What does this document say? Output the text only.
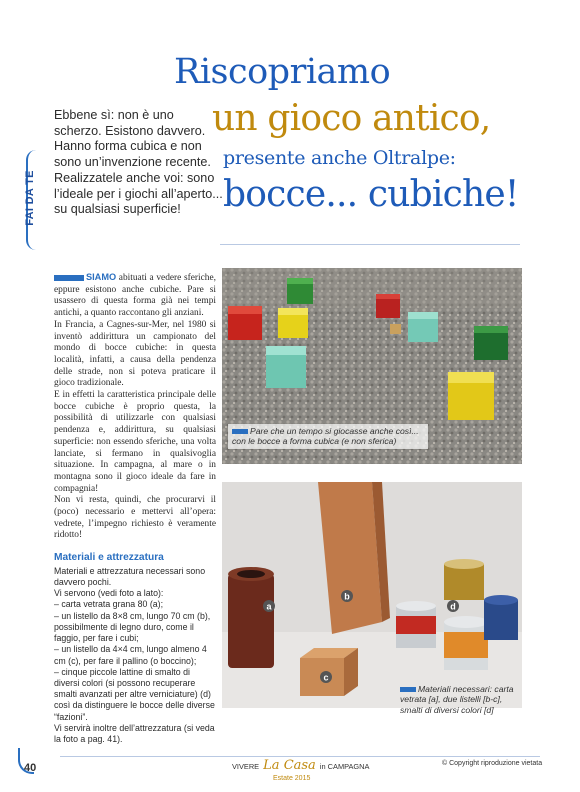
FAI DA TE
Ebbene sì: non è uno scherzo. Esistono davvero. Hanno forma cubica e non sono un’invenzione recente. Realizzatele anche voi: sono l’ideale per i giochi all’aperto... su qualsiasi superficie!
Riscopriamo
un gioco antico,
presente anche Oltralpe:
bocce... cubiche!

SIAMO abituati a vedere sferiche, eppure esistono anche cubiche. Pare si usassero di questa forma già nei tempi antichi, a quanto raccontano gli anziani.

In Francia, a Cagnes-sur-Mer, nel 1980 si inventò addirittura un campionato del mondo di bocce cubiche: in questa località, infatti, a causa della pendenza delle strade, non si poteva praticare il gioco tradizionale.

E in effetti la caratteristica principale delle bocce cubiche è proprio questa, la possibilità di utilizzarle con qualsiasi pendenza e, addirittura, su qualsiasi superficie: non essendo sferiche, una volta lanciate, si fermano in qualsivoglia situazione. In campagna, al mare o in montagna sono il gioco ideale da fare in compagnia!

Non vi resta, quindi, che procurarvi il (poco) necessario e mettervi all’opera: vedrete, l’impegno richiesto è veramente ridotto!

Materiali e attrezzatura

Materiali e attrezzatura necessari sono davvero pochi.

Vi servono (vedi foto a lato):

– carta vetrata grana 80 (a);

– un listello da 8×8 cm, lungo 70 cm (b), possibilmente di legno duro, come il faggio, per fare i cubi;

– un listello da 4×4 cm, lungo almeno 4 cm (c), per fare il pallino (o boccino);

– cinque piccole lattine di smalto di diversi colori (si possono recuperare smalti avanzati per altre verniciature) (d) così da distinguere le bocce delle diverse “fazioni”.

Vi servirà inoltre dell’attrezzatura (si veda la foto a pag. 41).

Pare che un tempo si giocasse anche così... con le bocce a forma cubica (e non sferica)
a
b
c
d
Materiali necessari: carta vetrata [a], due listelli [b-c], smalti di diversi colori [d]
40	VIVERE La Casa in CAMPAGNA
Estate 2015
© Copyright riproduzione vietata
